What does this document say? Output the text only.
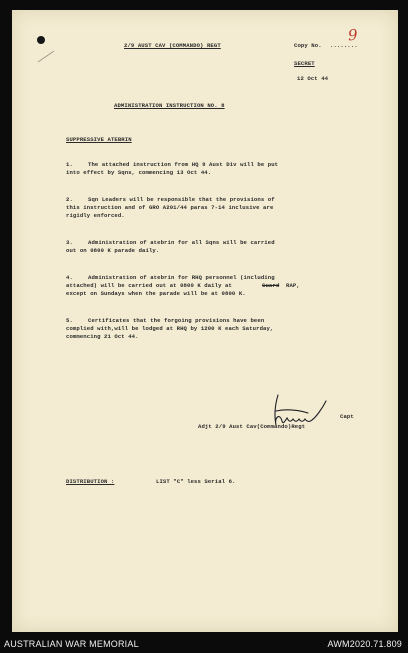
2/9 AUST CAV (COMMANDO) REGT	Copy No. ........
9
SECRET
12 Oct 44
ADMINISTRATION INSTRUCTION NO. 8
SUPPRESSIVE ATEBRIN
1.	The attached instruction from HQ 9 Aust Div will be put
into effect by Sqns, commencing 13 Oct 44.
2.	Sqn Leaders will be responsible that the provisions of
this instruction and of GRO A201/44 paras 7-14 inclusive are
rigidly enforced.
3.	Administration of atebrin for all Sqns will be carried
out on 0800 K parade daily.
4.	Administration of atebrin for RHQ personnel (including
attached) will be carried out at 0800 K daily at	Guard RAP,
except on Sundays when the parade will be at 0800 K.
5.	Certificates that the forgoing provisions have been
complied with,will be lodged at RHQ by 1200 K each Saturday,
commencing 21 Oct 44.
Capt
Adjt 2/9 Aust Cav(Commando)Regt
DISTRIBUTION :	LIST "C" less Serial 6.
AUSTRALIAN WAR MEMORIAL	AWM2020.71.809
